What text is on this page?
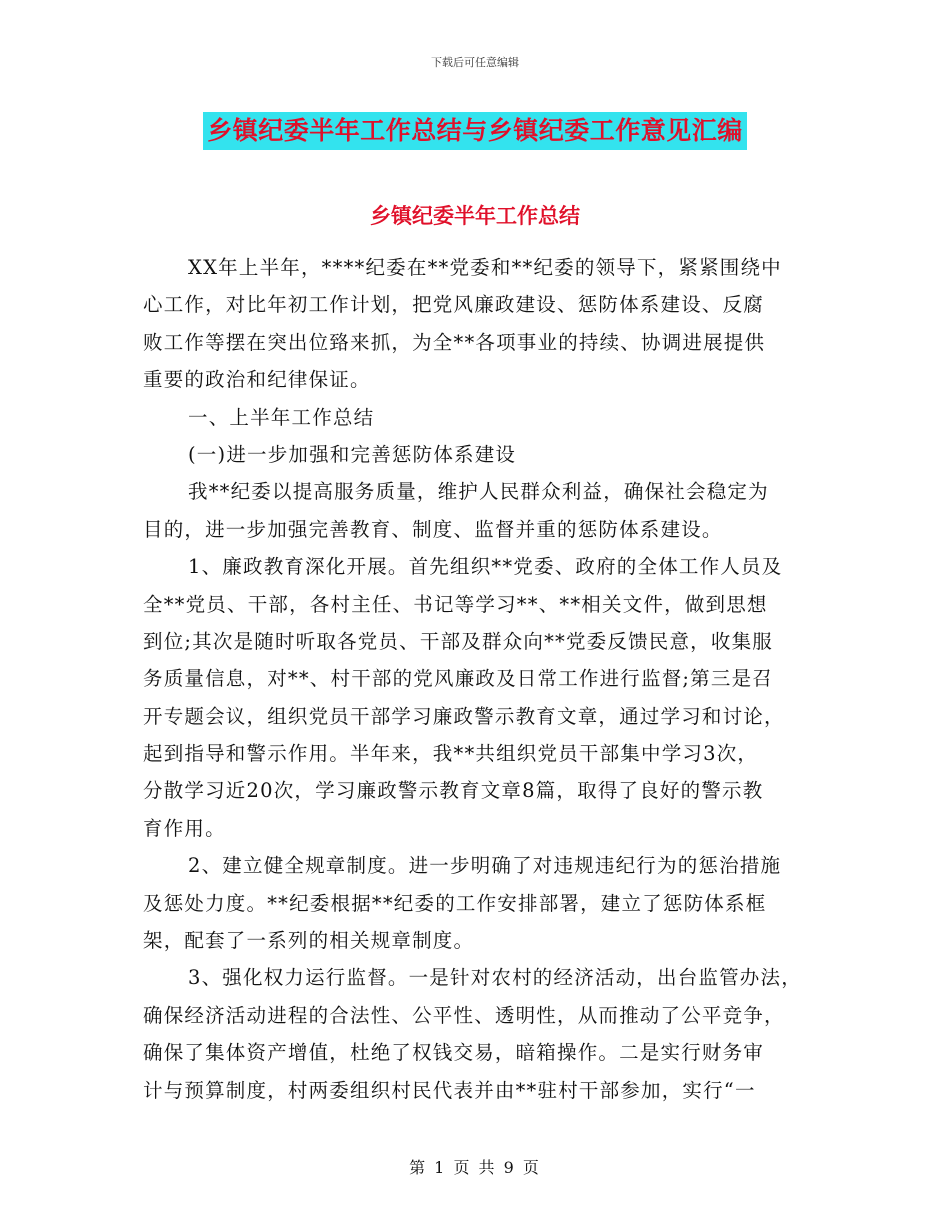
下载后可任意编辑
乡镇纪委半年工作总结与乡镇纪委工作意见汇编
乡镇纪委半年工作总结
XX年上半年，****纪委在**党委和**纪委的领导下，紧紧围绕中
心工作，对比年初工作计划，把党风廉政建设、惩防体系建设、反腐
败工作等摆在突出位臵来抓，为全**各项事业的持续、协调进展提供
重要的政治和纪律保证。
一、上半年工作总结
(一)进一步加强和完善惩防体系建设
我**纪委以提高服务质量，维护人民群众利益，确保社会稳定为
目的，进一步加强完善教育、制度、监督并重的惩防体系建设。
1、廉政教育深化开展。首先组织**党委、政府的全体工作人员及
全**党员、干部，各村主任、书记等学习**、**相关文件，做到思想
到位;其次是随时听取各党员、干部及群众向**党委反馈民意，收集服
务质量信息，对**、村干部的党风廉政及日常工作进行监督;第三是召
开专题会议，组织党员干部学习廉政警示教育文章，通过学习和讨论，
起到指导和警示作用。半年来，我**共组织党员干部集中学习3次，
分散学习近20次，学习廉政警示教育文章8篇，取得了良好的警示教
育作用。
2、建立健全规章制度。进一步明确了对违规违纪行为的惩治措施
及惩处力度。**纪委根据**纪委的工作安排部署，建立了惩防体系框
架，配套了一系列的相关规章制度。
3、强化权力运行监督。一是针对农村的经济活动，出台监管办法，
确保经济活动进程的合法性、公平性、透明性，从而推动了公平竞争，
确保了集体资产增值，杜绝了权钱交易，暗箱操作。二是实行财务审
计与预算制度，村两委组织村民代表并由**驻村干部参加，实行“一
第 1 页 共 9 页
